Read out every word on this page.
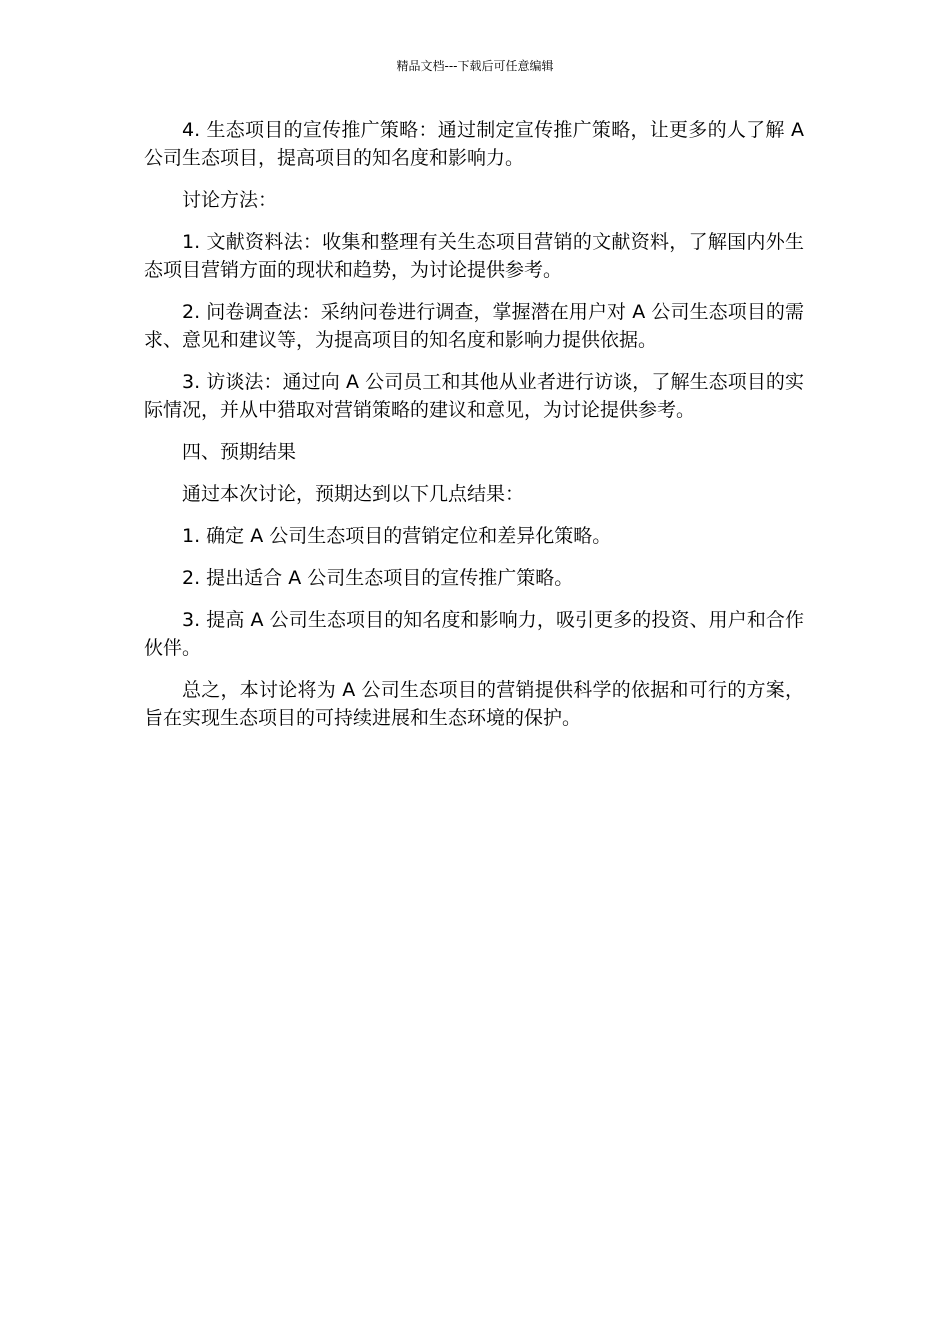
精品文档---下载后可任意编辑

4. 生态项目的宣传推广策略：通过制定宣传推广策略，让更多的人了解 A 公司生态项目，提高项目的知名度和影响力。

讨论方法：

1. 文献资料法：收集和整理有关生态项目营销的文献资料，了解国内外生态项目营销方面的现状和趋势，为讨论提供参考。

2. 问卷调查法：采纳问卷进行调查，掌握潜在用户对 A 公司生态项目的需求、意见和建议等，为提高项目的知名度和影响力提供依据。

3. 访谈法：通过向 A 公司员工和其他从业者进行访谈，了解生态项目的实际情况，并从中猎取对营销策略的建议和意见，为讨论提供参考。

四、预期结果

通过本次讨论，预期达到以下几点结果：

1. 确定 A 公司生态项目的营销定位和差异化策略。

2. 提出适合 A 公司生态项目的宣传推广策略。

3. 提高 A 公司生态项目的知名度和影响力，吸引更多的投资、用户和合作伙伴。

总之，本讨论将为 A 公司生态项目的营销提供科学的依据和可行的方案，旨在实现生态项目的可持续进展和生态环境的保护。
